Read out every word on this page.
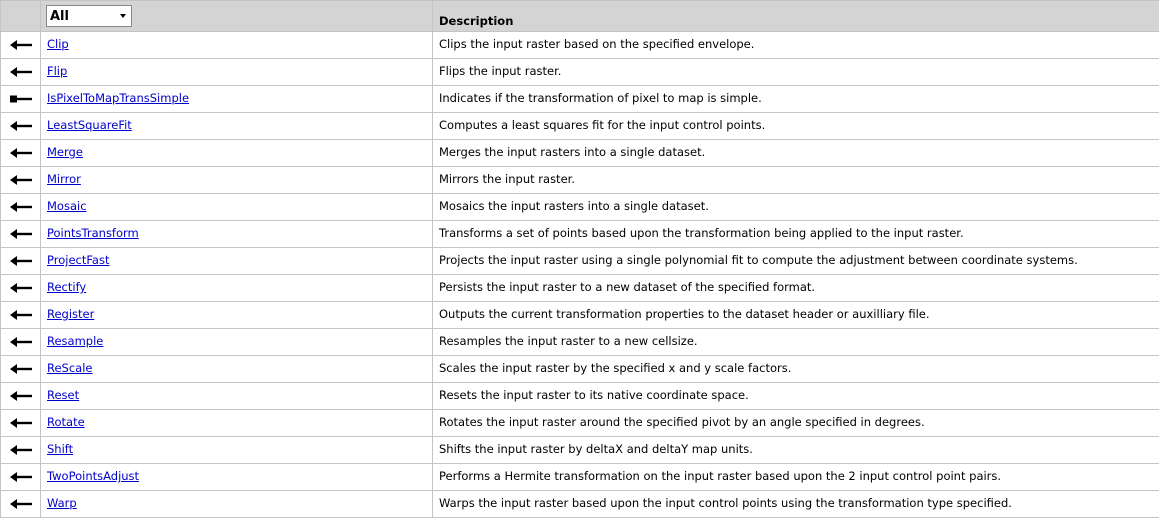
	All	Description

	Clip	Clips the input raster based on the specified envelope.

	Flip	Flips the input raster.

	IsPixelToMapTransSimple	Indicates if the transformation of pixel to map is simple.

	LeastSquareFit	Computes a least squares fit for the input control points.

	Merge	Merges the input rasters into a single dataset.

	Mirror	Mirrors the input raster.

	Mosaic	Mosaics the input rasters into a single dataset.

	PointsTransform	Transforms a set of points based upon the transformation being applied to the input raster.

	ProjectFast	Projects the input raster using a single polynomial fit to compute the adjustment between coordinate systems.

	Rectify	Persists the input raster to a new dataset of the specified format.

	Register	Outputs the current transformation properties to the dataset header or auxilliary file.

	Resample	Resamples the input raster to a new cellsize.

	ReScale	Scales the input raster by the specified x and y scale factors.

	Reset	Resets the input raster to its native coordinate space.

	Rotate	Rotates the input raster around the specified pivot by an angle specified in degrees.

	Shift	Shifts the input raster by deltaX and deltaY map units.

	TwoPointsAdjust	Performs a Hermite transformation on the input raster based upon the 2 input control point pairs.

	Warp	Warps the input raster based upon the input control points using the transformation type specified.
